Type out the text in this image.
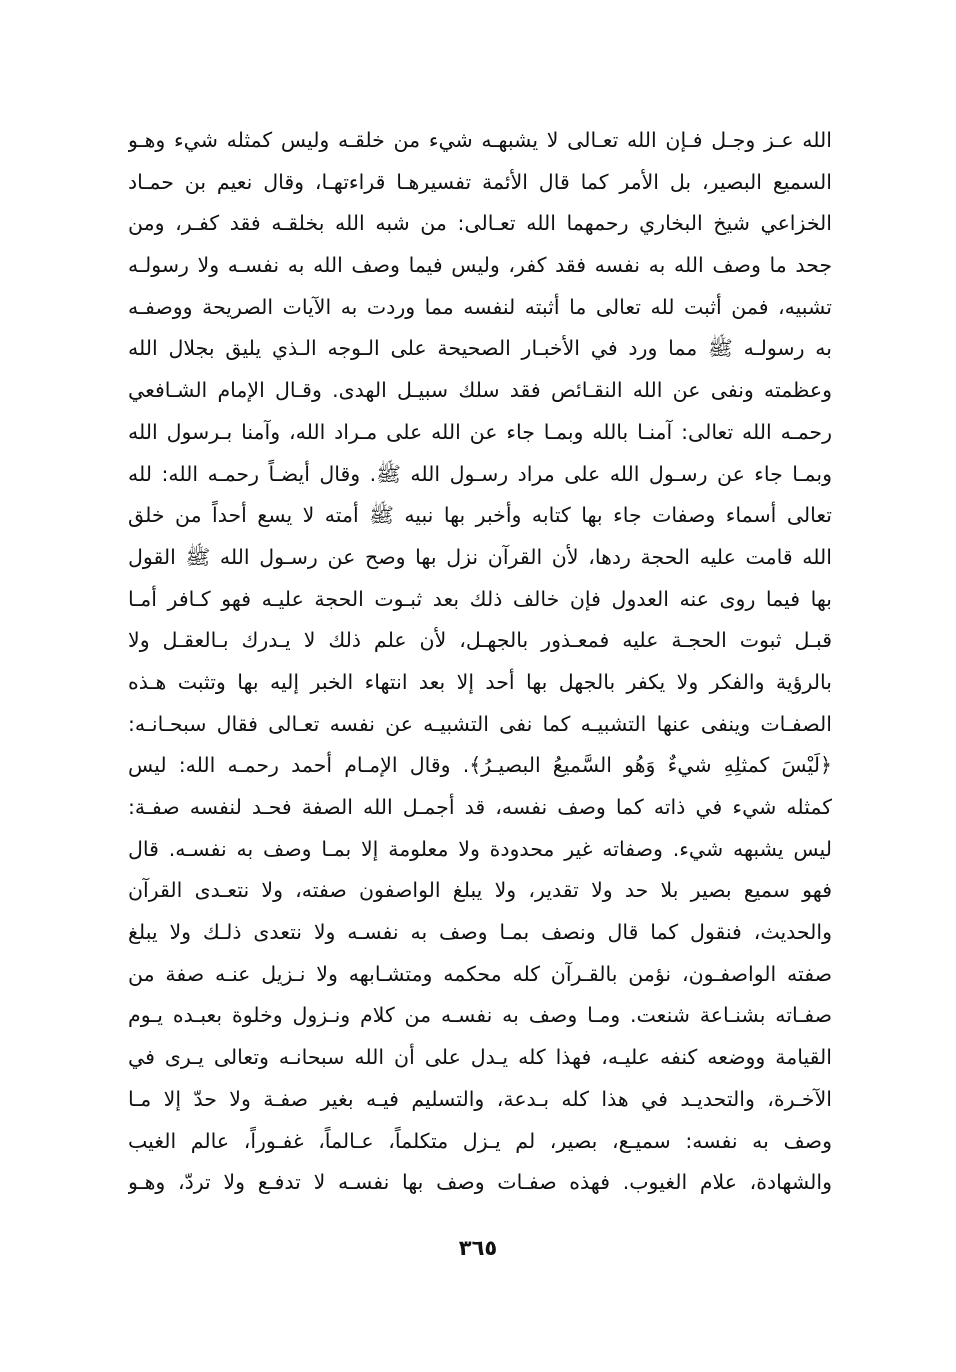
الله عـز وجـل فـإن الله تعـالى لا يشبهـه شيء من خلقـه وليس كمثله شيء وهـو
السميع البصير، بل الأمر كما قال الأئمة تفسيرهـا قراءتهـا، وقال نعيم بن حمـاد
الخزاعي شيخ البخاري رحمهما الله تعـالى: من شبه الله بخلقـه فقد كفـر، ومن
جحد ما وصف الله به نفسه فقد كفر، وليس فيما وصف الله به نفسـه ولا رسولـه
تشبيه، فمن أثبت لله تعالى ما أثبته لنفسه مما وردت به الآيات الصريحة ووصفـه
به رسولـه ﷺ مما ورد في الأخبـار الصحيحة على الـوجه الـذي يليق بجلال الله
وعظمته ونفى عن الله النقـائص فقد سلك سبيـل الهدى. وقـال الإمام الشـافعي
رحمـه الله تعالى: آمنـا بالله وبمـا جاء عن الله على مـراد الله، وآمنا بـرسول الله
وبمـا جاء عن رسـول الله على مراد رسـول الله ﷺ. وقال أيضـاً رحمـه الله: لله
تعالى أسماء وصفات جاء بها كتابه وأخبر بها نبيه ﷺ أمته لا يسع أحداً من خلق
الله قامت عليه الحجة ردها، لأن القرآن نزل بها وصح عن رسـول الله ﷺ القول
بها فيما روى عنه العدول فإن خالف ذلك بعد ثبـوت الحجة عليـه فهو كـافر أمـا
قبـل ثبوت الحجـة عليه فمعـذور بالجهـل، لأن علم ذلك لا يـدرك بـالعقـل ولا
بالرؤية والفكر ولا يكفر بالجهل بها أحد إلا بعد انتهاء الخبر إليه بها وتثبت هـذه
الصفـات وينفى عنها التشبيـه كما نفى التشبيـه عن نفسه تعـالى فقال سبحـانـه:
﴿لَيْسَ كمثلِهِ شيءٌ وَهُو السَّميعُ البصيـرُ﴾. وقال الإمـام أحمد رحمـه الله: ليس
كمثله شيء في ذاته كما وصف نفسه، قد أجمـل الله الصفة فحـد لنفسه صفـة:
ليس يشبهه شيء. وصفاته غير محدودة ولا معلومة إلا بمـا وصف به نفسـه. قال
فهو سميع بصير بلا حد ولا تقدير، ولا يبلغ الواصفون صفته، ولا نتعـدى القرآن
والحديث، فنقول كما قال ونصف بمـا وصف به نفسـه ولا نتعدى ذلـك ولا يبلغ
صفته الواصفـون، نؤمن بالقـرآن كله محكمه ومتشـابهه ولا نـزيل عنـه صفة من
صفـاته بشنـاعة شنعت. ومـا وصف به نفسـه من كلام ونـزول وخلوة بعبـده يـوم
القيامة ووضعه كنفه عليـه، فهذا كله يـدل على أن الله سبحانـه وتعالى يـرى في
الآخـرة، والتحديـد في هذا كله بـدعة، والتسليم فيـه بغير صفـة ولا حدّ إلا مـا
وصف به نفسه: سميـع، بصير، لم يـزل متكلماً، عـالماً، غفـوراً، عالم الغيب
والشهادة، علام الغيوب. فهذه صفـات وصف بها نفسـه لا تدفـع ولا تردّ، وهـو
٣٦٥
